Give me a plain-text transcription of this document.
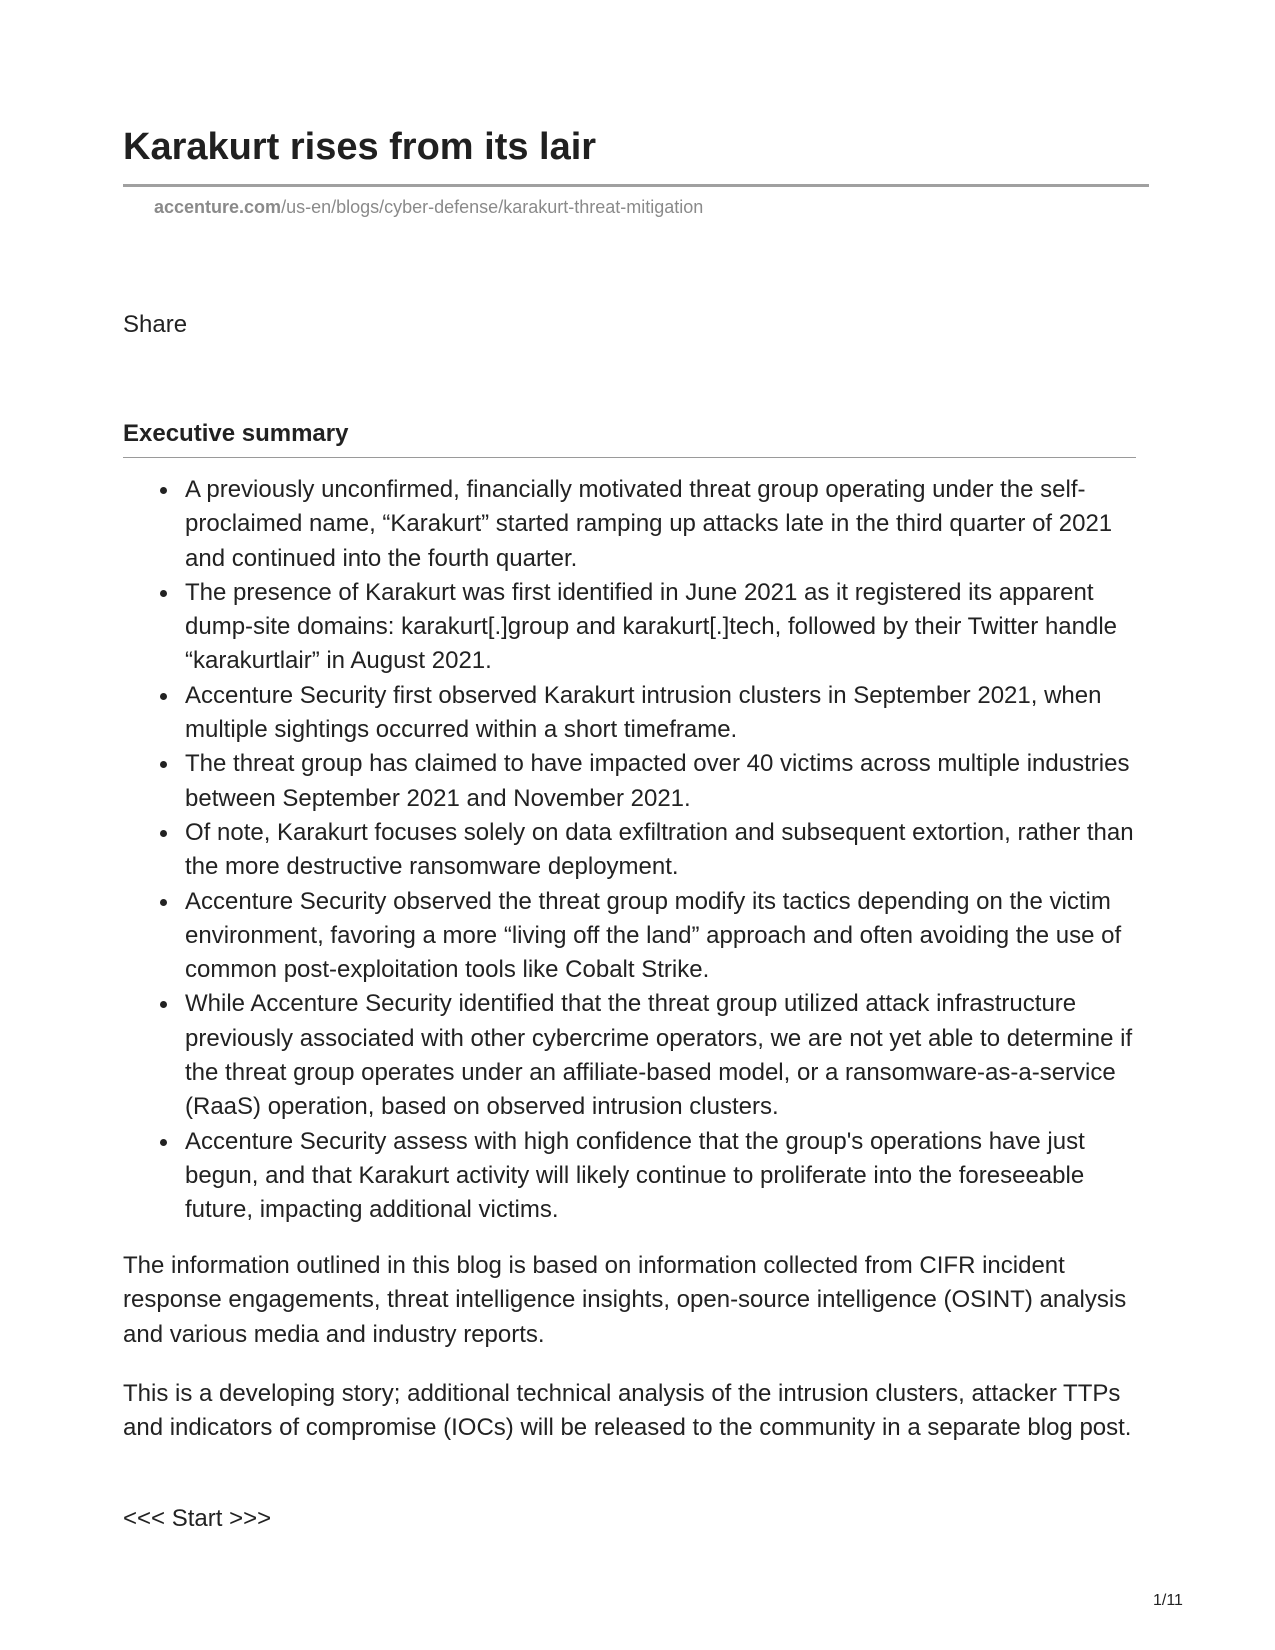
Karakurt rises from its lair
accenture.com/us-en/blogs/cyber-defense/karakurt-threat-mitigation
Share
Executive summary
A previously unconfirmed, financially motivated threat group operating under the self-proclaimed name, “Karakurt” started ramping up attacks late in the third quarter of 2021 and continued into the fourth quarter.
The presence of Karakurt was first identified in June 2021 as it registered its apparent dump-site domains: karakurt[.]group and karakurt[.]tech, followed by their Twitter handle “karakurtlair” in August 2021.
Accenture Security first observed Karakurt intrusion clusters in September 2021, when multiple sightings occurred within a short timeframe.
The threat group has claimed to have impacted over 40 victims across multiple industries between September 2021 and November 2021.
Of note, Karakurt focuses solely on data exfiltration and subsequent extortion, rather than the more destructive ransomware deployment.
Accenture Security observed the threat group modify its tactics depending on the victim environment, favoring a more “living off the land” approach and often avoiding the use of common post-exploitation tools like Cobalt Strike.
While Accenture Security identified that the threat group utilized attack infrastructure previously associated with other cybercrime operators, we are not yet able to determine if the threat group operates under an affiliate-based model, or a ransomware-as-a-service (RaaS) operation, based on observed intrusion clusters.
Accenture Security assess with high confidence that the group's operations have just begun, and that Karakurt activity will likely continue to proliferate into the foreseeable future, impacting additional victims.

The information outlined in this blog is based on information collected from CIFR incident response engagements, threat intelligence insights, open-source intelligence (OSINT) analysis and various media and industry reports.

This is a developing story; additional technical analysis of the intrusion clusters, attacker TTPs and indicators of compromise (IOCs) will be released to the community in a separate blog post.

<<< Start >>>
1/11
